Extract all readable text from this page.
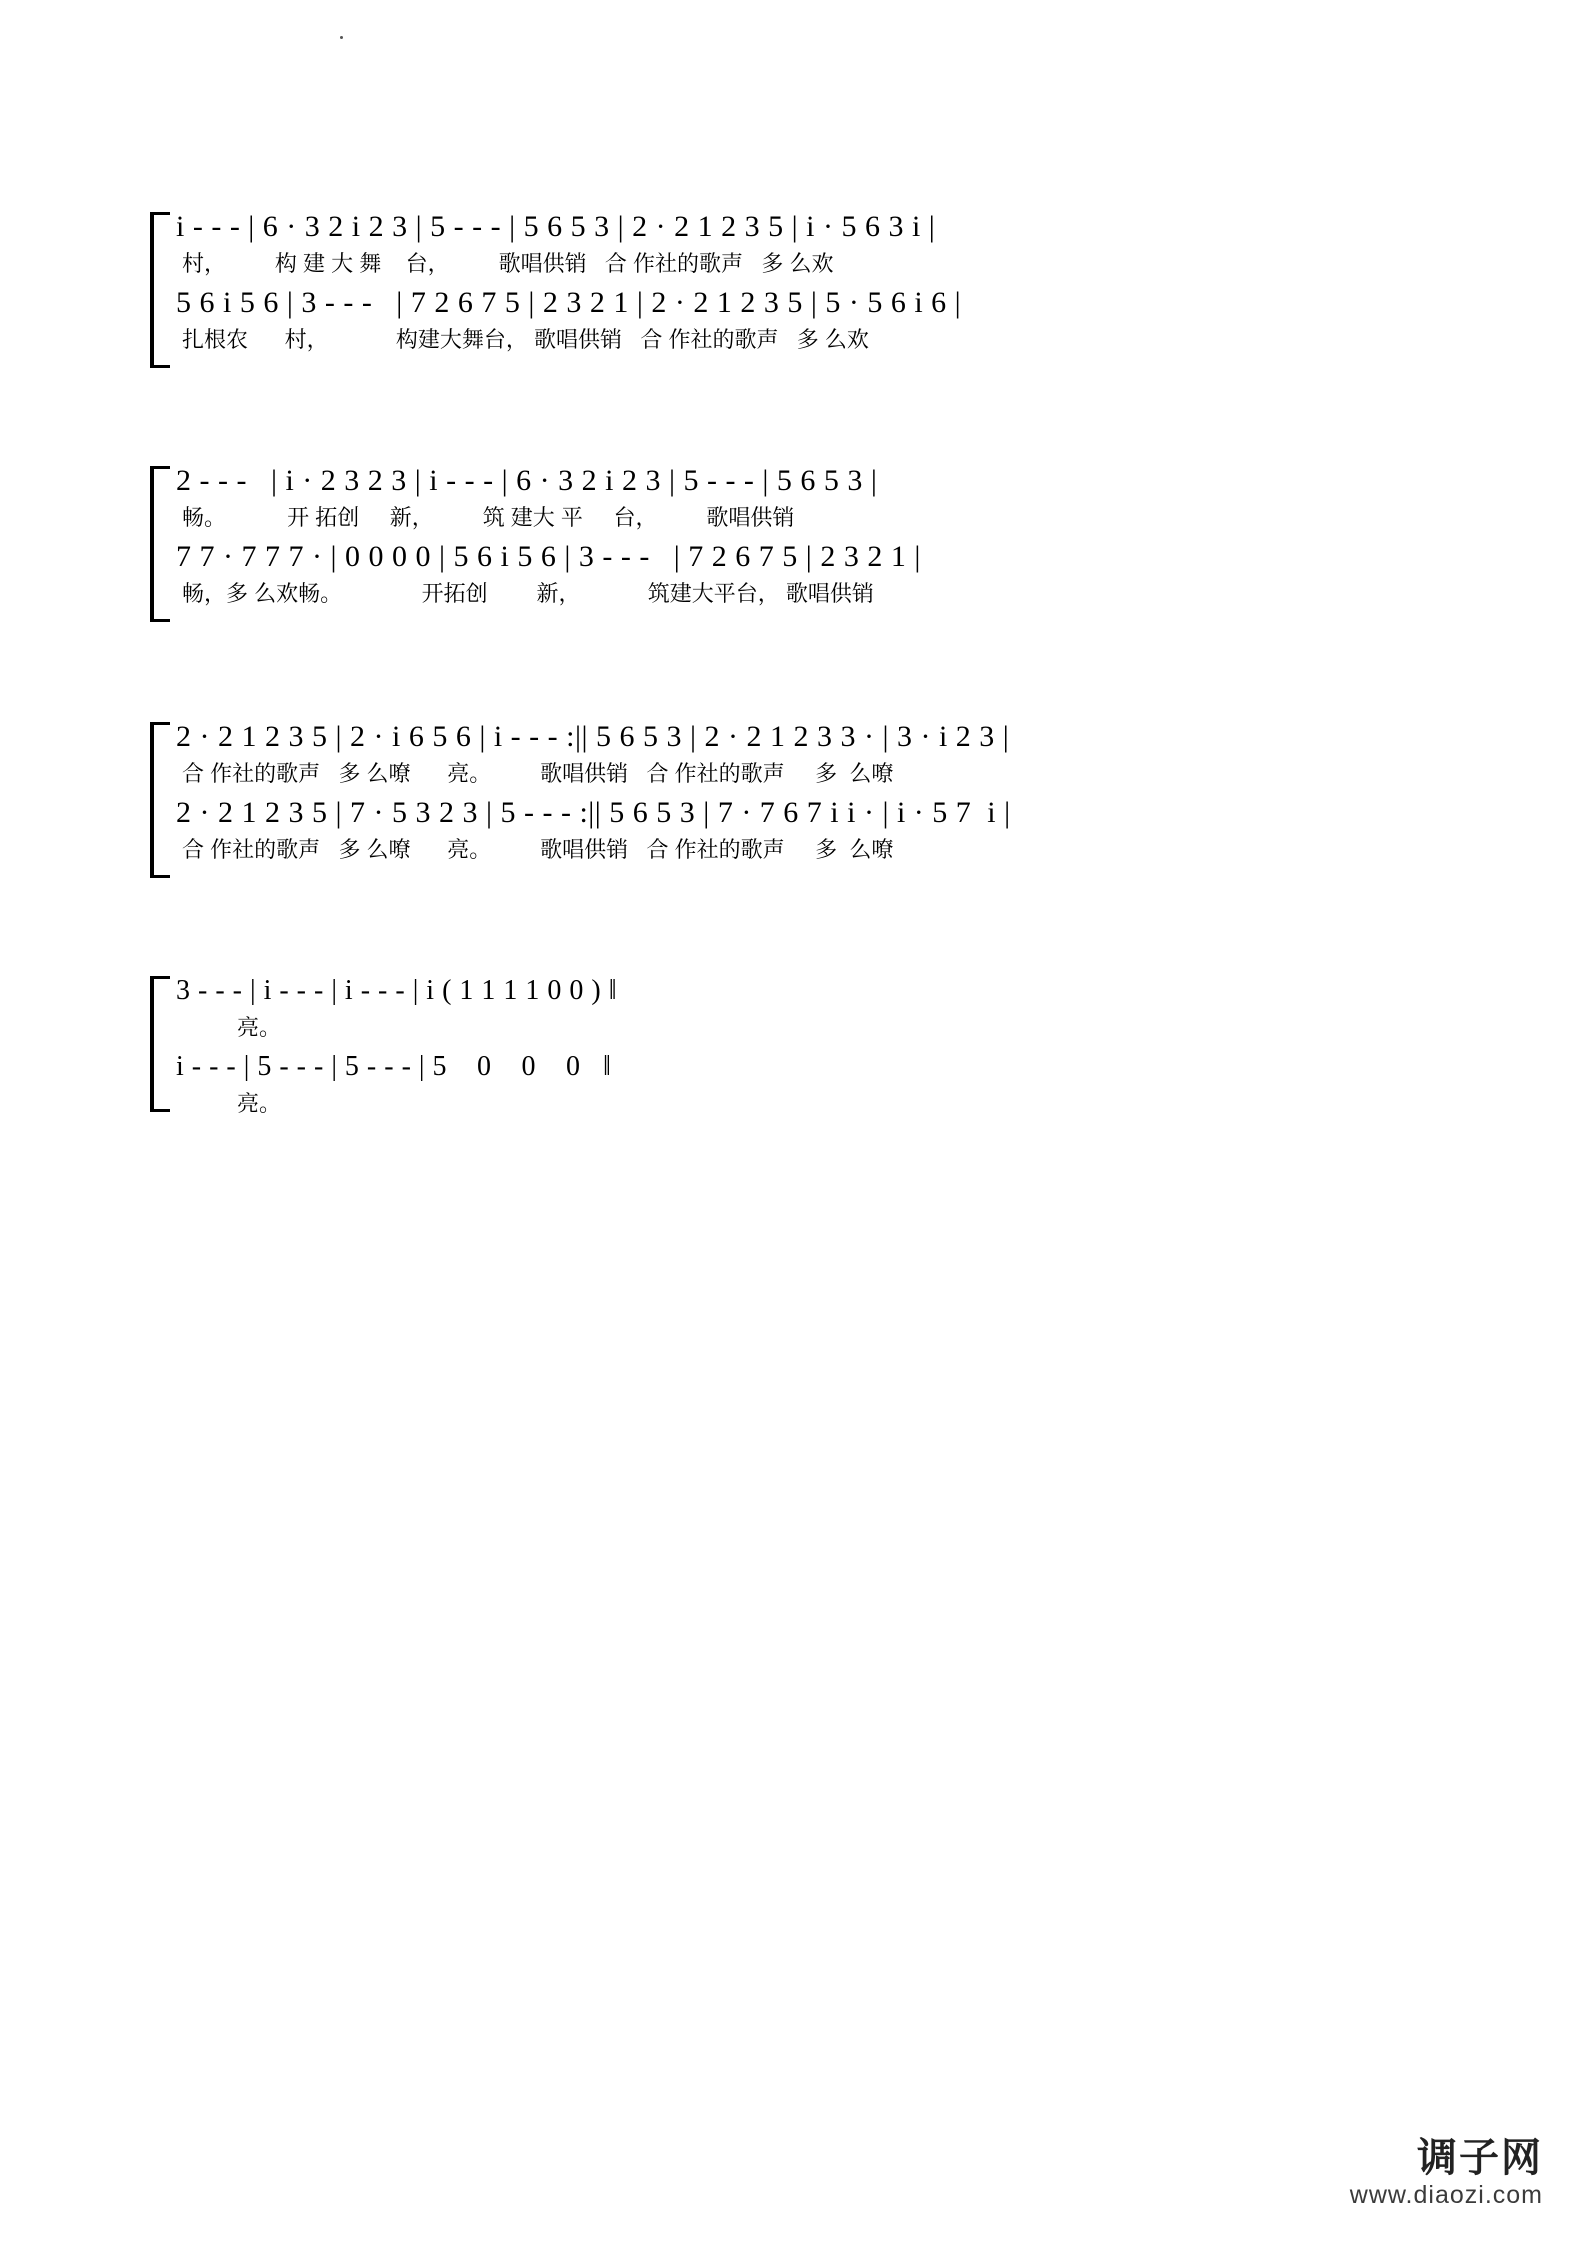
i - - - | 6 · 3 2 i 2 3 | 5 - - - | 5 6 5 3 | 2 · 2 1 2 3 5 | i · 5 6 3 i |
村，        构 建 大 舞    台，        歌唱供销   合 作社的歌声   多 么欢
5 6 i 5 6 | 3 - - -   | 7 2 6 7 5 | 2 3 2 1 | 2 · 2 1 2 3 5 | 5 · 5 6 i 6 |
扎根农      村，           构建大舞台， 歌唱供销   合 作社的歌声   多 么欢
2 - - -   | i · 2 3 2 3 | i - - - | 6 · 3 2 i 2 3 | 5 - - - | 5 6 5 3 |
畅。          开 拓创     新，        筑 建大 平     台，        歌唱供销
7 7 · 7 7 7 · | 0 0 0 0 | 5 6 i 5 6 | 3 - - -   | 7 2 6 7 5 | 2 3 2 1 |
畅，多 么欢畅。             开拓创        新，           筑建大平台， 歌唱供销
2 · 2 1 2 3 5 | 2 · i 6 5 6 | i - - - :|| 5 6 5 3 | 2 · 2 1 2 3 3 · | 3 · i 2 3 |
合 作社的歌声   多 么嘹      亮。        歌唱供销   合 作社的歌声     多  么嘹
2 · 2 1 2 3 5 | 7 · 5 3 2 3 | 5 - - - :|| 5 6 5 3 | 7 · 7 6 7 i i · | i · 5 7  i |
合 作社的歌声   多 么嘹      亮。        歌唱供销   合 作社的歌声     多  么嘹
3 - - - | i - - - | i - - - | i ( 1 1 1 1 0 0 ) ‖
亮。
i - - - | 5 - - - | 5 - - - | 5    0    0    0   ‖
亮。
调子网
www.diaozi.com
